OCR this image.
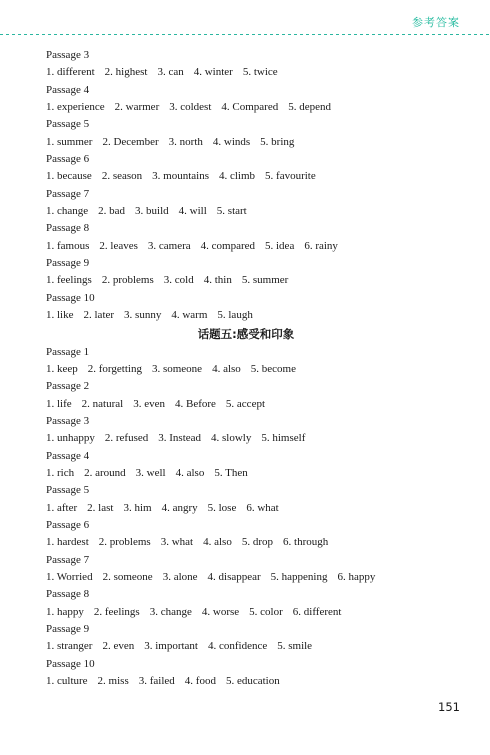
参考答案
Passage 3
1. different 2. highest 3. can 4. winter 5. twice
Passage 4
1. experience 2. warmer 3. coldest 4. Compared 5. depend
Passage 5
1. summer 2. December 3. north 4. winds 5. bring
Passage 6
1. because 2. season 3. mountains 4. climb 5. favourite
Passage 7
1. change 2. bad 3. build 4. will 5. start
Passage 8
1. famous 2. leaves 3. camera 4. compared 5. idea 6. rainy
Passage 9
1. feelings 2. problems 3. cold 4. thin 5. summer
Passage 10
1. like 2. later 3. sunny 4. warm 5. laugh
话题五:感受和印象
Passage 1
1. keep 2. forgetting 3. someone 4. also 5. become
Passage 2
1. life 2. natural 3. even 4. Before 5. accept
Passage 3
1. unhappy 2. refused 3. Instead 4. slowly 5. himself
Passage 4
1. rich 2. around 3. well 4. also 5. Then
Passage 5
1. after 2. last 3. him 4. angry 5. lose 6. what
Passage 6
1. hardest 2. problems 3. what 4. also 5. drop 6. through
Passage 7
1. Worried 2. someone 3. alone 4. disappear 5. happening 6. happy
Passage 8
1. happy 2. feelings 3. change 4. worse 5. color 6. different
Passage 9
1. stranger 2. even 3. important 4. confidence 5. smile
Passage 10
1. culture 2. miss 3. failed 4. food 5. education
151
